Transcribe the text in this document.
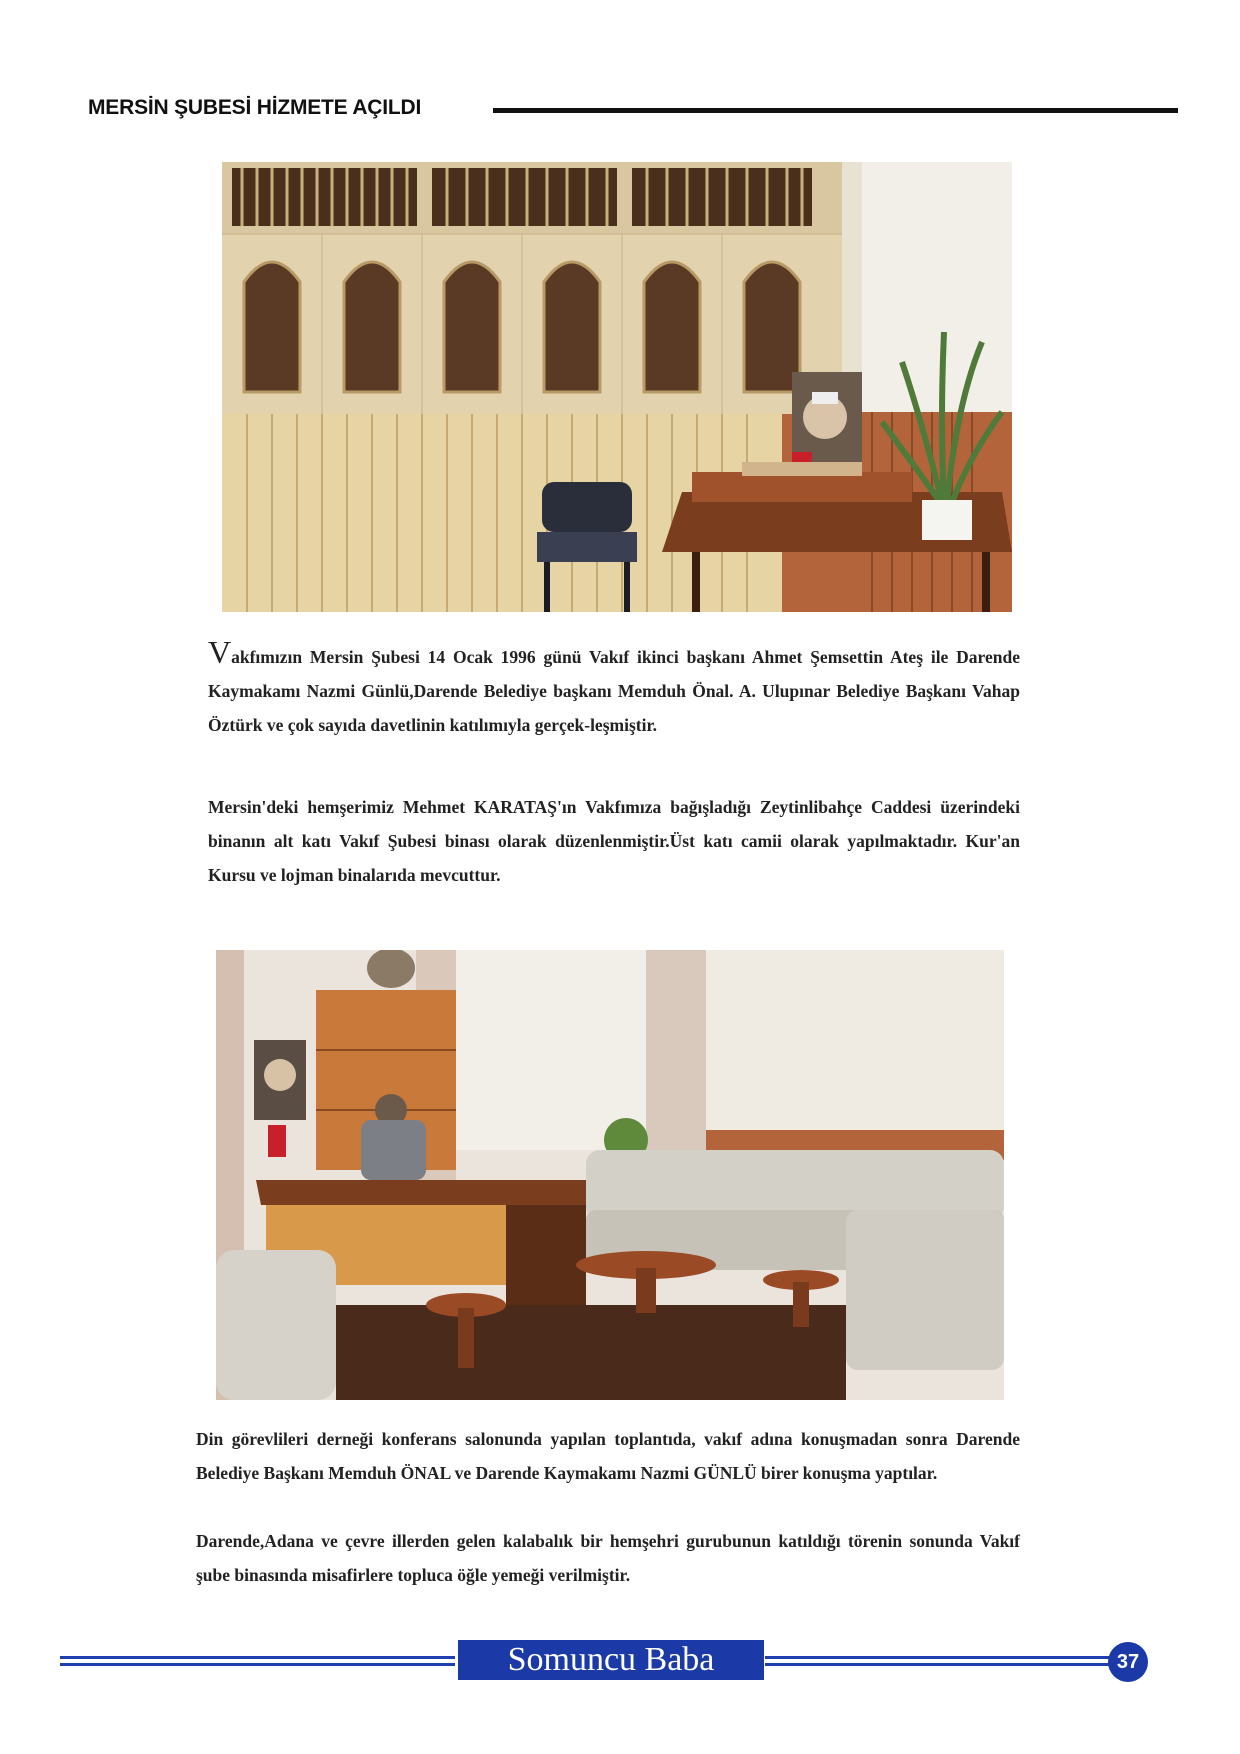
MERSİN ŞUBESİ HİZMETE AÇILDI

Vakfımızın Mersin Şubesi 14 Ocak 1996 günü Vakıf ikinci başkanı Ahmet Şemsettin Ateş ile Darende Kaymakamı Nazmi Günlü,Darende Belediye başkanı Memduh Önal. A. Ulupınar Belediye Başkanı Vahap Öztürk ve çok sayıda davetlinin katılımıyla gerçek-leşmiştir.

Mersin'deki hemşerimiz Mehmet KARATAŞ'ın Vakfımıza bağışladığı Zeytinlibahçe Caddesi üzerindeki binanın alt katı Vakıf Şubesi binası olarak düzenlenmiştir.Üst katı camii olarak yapılmaktadır. Kur'an Kursu ve lojman binalarıda mevcuttur.

Din görevlileri derneği konferans salonunda yapılan toplantıda, vakıf adına konuşmadan sonra Darende Belediye Başkanı Memduh ÖNAL ve Darende Kaymakamı Nazmi GÜNLÜ birer konuşma yaptılar.

Darende,Adana ve çevre illerden gelen kalabalık bir hemşehri gurubunun katıldığı törenin sonunda Vakıf şube binasında misafirlere topluca öğle yemeği verilmiştir.

Somuncu Baba	37
